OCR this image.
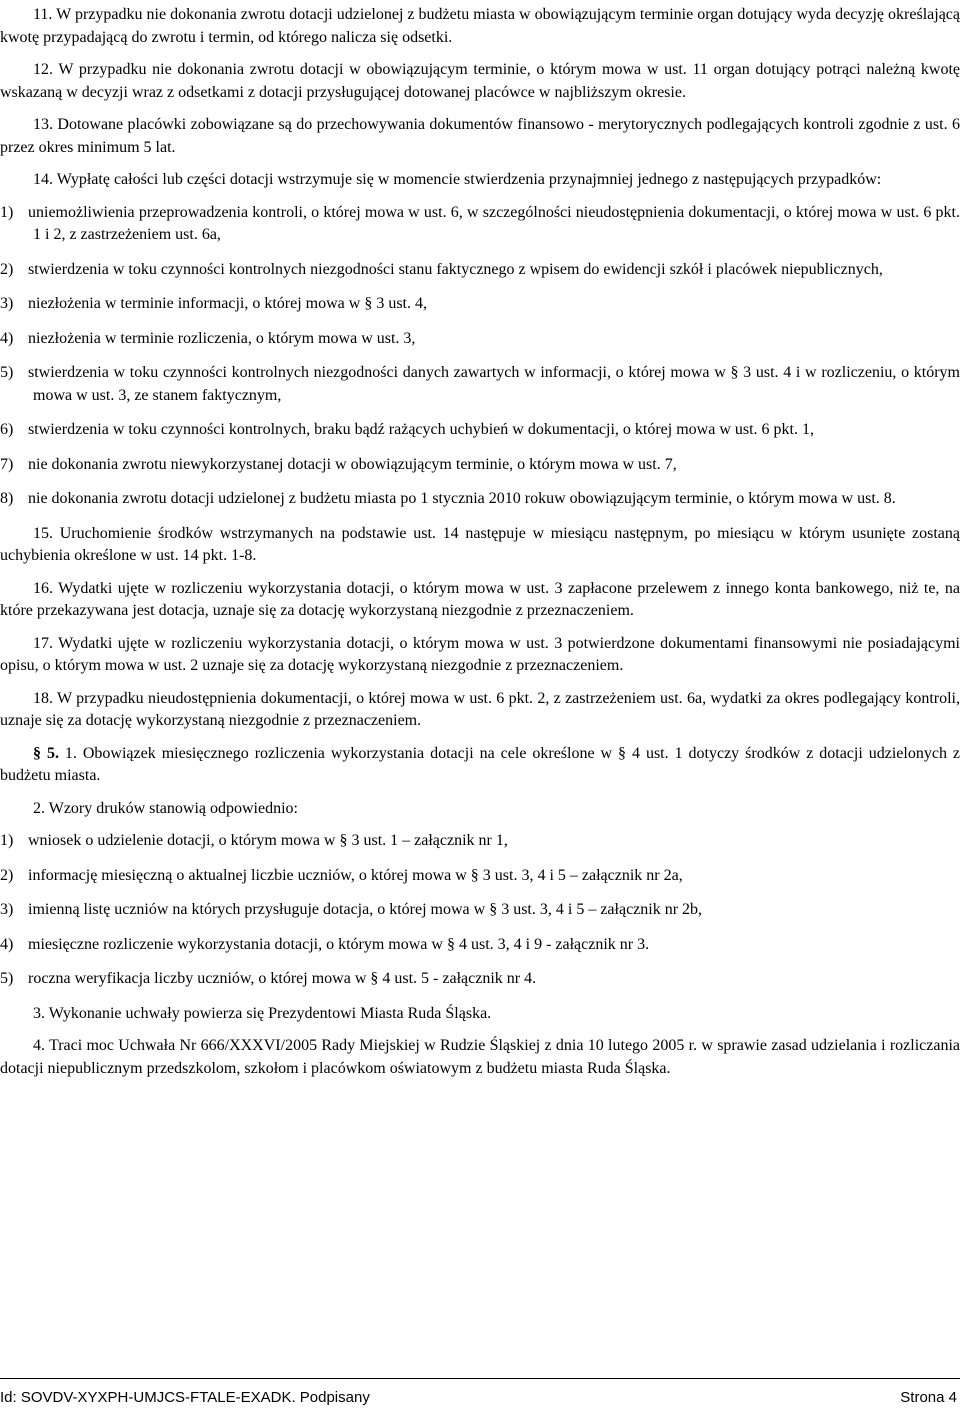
11. W przypadku nie dokonania zwrotu dotacji udzielonej z budżetu miasta w obowiązującym terminie organ dotujący wyda decyzję określającą kwotę przypadającą do zwrotu i termin, od którego nalicza się odsetki.

12. W przypadku nie dokonania zwrotu dotacji w obowiązującym terminie, o którym mowa w ust. 11 organ dotujący potrąci należną kwotę wskazaną w decyzji wraz z odsetkami z dotacji przysługującej dotowanej placówce w najbliższym okresie.

13. Dotowane placówki zobowiązane są do przechowywania dokumentów finansowo - merytorycznych podlegających kontroli zgodnie z ust. 6 przez okres minimum 5 lat.

14. Wypłatę całości lub części dotacji wstrzymuje się w momencie stwierdzenia przynajmniej jednego z następujących przypadków:

1) uniemożliwienia przeprowadzenia kontroli, o której mowa w ust. 6, w szczególności nieudostępnienia dokumentacji, o której mowa w ust. 6 pkt. 1 i 2, z zastrzeżeniem ust. 6a,

2) stwierdzenia w toku czynności kontrolnych niezgodności stanu faktycznego z wpisem do ewidencji szkół i placówek niepublicznych,

3) niezłożenia w terminie informacji, o której mowa w § 3 ust. 4,

4) niezłożenia w terminie rozliczenia, o którym mowa w ust. 3,

5) stwierdzenia w toku czynności kontrolnych niezgodności danych zawartych w informacji, o której mowa w § 3 ust. 4 i w rozliczeniu, o którym mowa w ust. 3, ze stanem faktycznym,

6) stwierdzenia w toku czynności kontrolnych, braku bądź rażących uchybień w dokumentacji, o której mowa w ust. 6 pkt. 1,

7) nie dokonania zwrotu niewykorzystanej dotacji w obowiązującym terminie, o którym mowa w ust. 7,

8) nie dokonania zwrotu dotacji udzielonej z budżetu miasta po 1 stycznia 2010 rokuw obowiązującym terminie, o którym mowa w ust. 8.

15. Uruchomienie środków wstrzymanych na podstawie ust. 14 następuje w miesiącu następnym, po miesiącu w którym usunięte zostaną uchybienia określone w ust. 14 pkt. 1-8.

16. Wydatki ujęte w rozliczeniu wykorzystania dotacji, o którym mowa w ust. 3 zapłacone przelewem z innego konta bankowego, niż te, na które przekazywana jest dotacja, uznaje się za dotację wykorzystaną niezgodnie z przeznaczeniem.

17. Wydatki ujęte w rozliczeniu wykorzystania dotacji, o którym mowa w ust. 3 potwierdzone dokumentami finansowymi nie posiadającymi opisu, o którym mowa w ust. 2 uznaje się za dotację wykorzystaną niezgodnie z przeznaczeniem.

18. W przypadku nieudostępnienia dokumentacji, o której mowa w ust. 6 pkt. 2, z zastrzeżeniem ust. 6a, wydatki za okres podlegający kontroli, uznaje się za dotację wykorzystaną niezgodnie z przeznaczeniem.

§ 5. 1. Obowiązek miesięcznego rozliczenia wykorzystania dotacji na cele określone w § 4 ust. 1 dotyczy środków z dotacji udzielonych z budżetu miasta.

2. Wzory druków stanowią odpowiednio:

1) wniosek o udzielenie dotacji, o którym mowa w § 3 ust. 1 – załącznik nr 1,

2) informację miesięczną o aktualnej liczbie uczniów, o której mowa w § 3 ust. 3, 4 i 5 – załącznik nr 2a,

3) imienną listę uczniów na których przysługuje dotacja, o której mowa w § 3 ust. 3, 4 i 5 – załącznik nr 2b,

4) miesięczne rozliczenie wykorzystania dotacji, o którym mowa w § 4 ust. 3, 4 i 9 - załącznik nr 3.

5) roczna weryfikacja liczby uczniów, o której mowa w § 4 ust. 5 - załącznik nr 4.

3. Wykonanie uchwały powierza się Prezydentowi Miasta Ruda Śląska.

4. Traci moc Uchwała Nr 666/XXXVI/2005 Rady Miejskiej w Rudzie Śląskiej z dnia 10 lutego 2005 r. w sprawie zasad udzielania i rozliczania dotacji niepublicznym przedszkolom, szkołom i placówkom oświatowym z budżetu miasta Ruda Śląska.

Id: SOVDV-XYXPH-UMJCS-FTALE-EXADK. Podpisany	Strona 4
